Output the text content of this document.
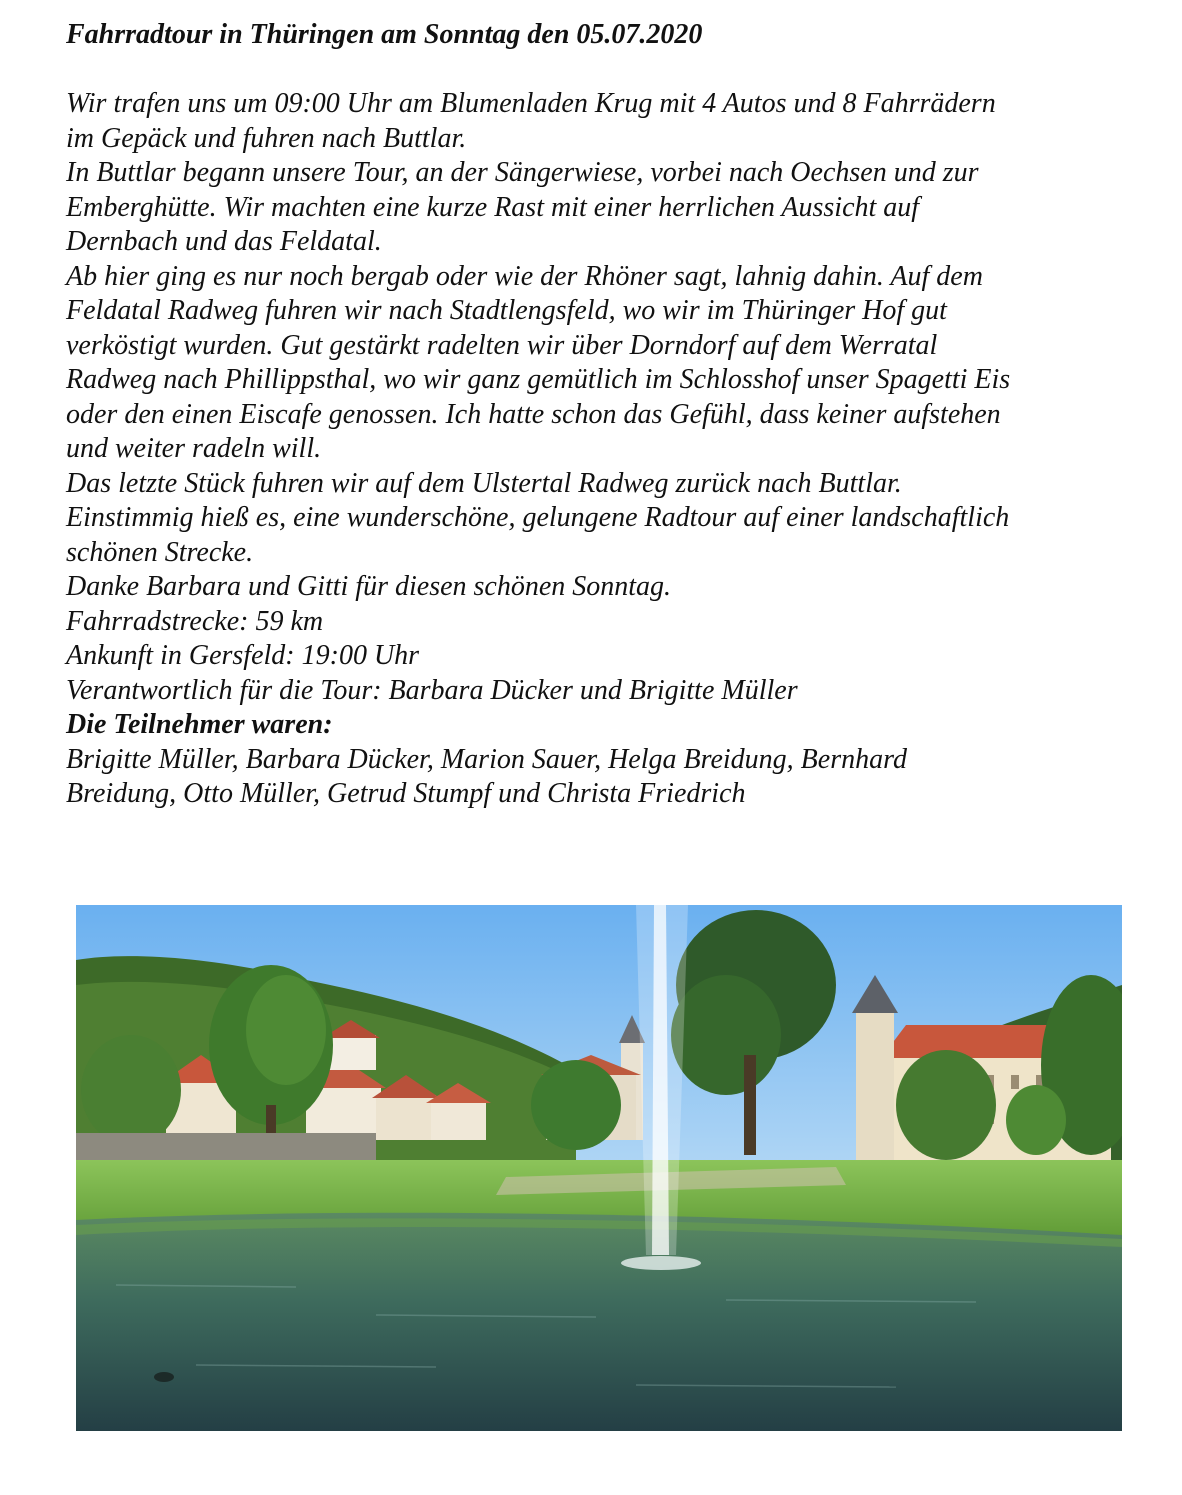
Fahrradtour in Thüringen am Sonntag den 05.07.2020

Wir trafen uns um 09:00 Uhr am Blumenladen Krug mit 4 Autos und 8 Fahrrädern

im Gepäck und fuhren nach Buttlar.

In Buttlar begann unsere Tour, an der Sängerwiese, vorbei nach Oechsen und zur

Emberghütte. Wir machten eine kurze Rast mit einer herrlichen Aussicht auf

Dernbach und das Feldatal.

Ab hier ging es nur noch bergab oder wie der Rhöner sagt, lahnig dahin. Auf dem

Feldatal Radweg fuhren wir nach Stadtlengsfeld, wo wir im Thüringer Hof gut

verköstigt wurden. Gut gestärkt radelten wir über Dorndorf auf dem Werratal

Radweg nach Phillippsthal, wo wir ganz gemütlich im Schlosshof unser Spagetti Eis

oder den einen Eiscafe genossen. Ich hatte schon das Gefühl, dass keiner aufstehen

und weiter radeln will.

Das letzte Stück fuhren wir auf dem Ulstertal Radweg zurück nach Buttlar.

Einstimmig hieß es, eine wunderschöne, gelungene Radtour auf einer landschaftlich

schönen Strecke.

Danke Barbara und Gitti für diesen schönen Sonntag.

Fahrradstrecke: 59 km

Ankunft in Gersfeld: 19:00 Uhr

Verantwortlich für die Tour: Barbara Dücker und Brigitte Müller

Die Teilnehmer waren:

Brigitte Müller, Barbara Dücker, Marion Sauer, Helga Breidung, Bernhard

Breidung, Otto Müller, Getrud Stumpf und Christa Friedrich
